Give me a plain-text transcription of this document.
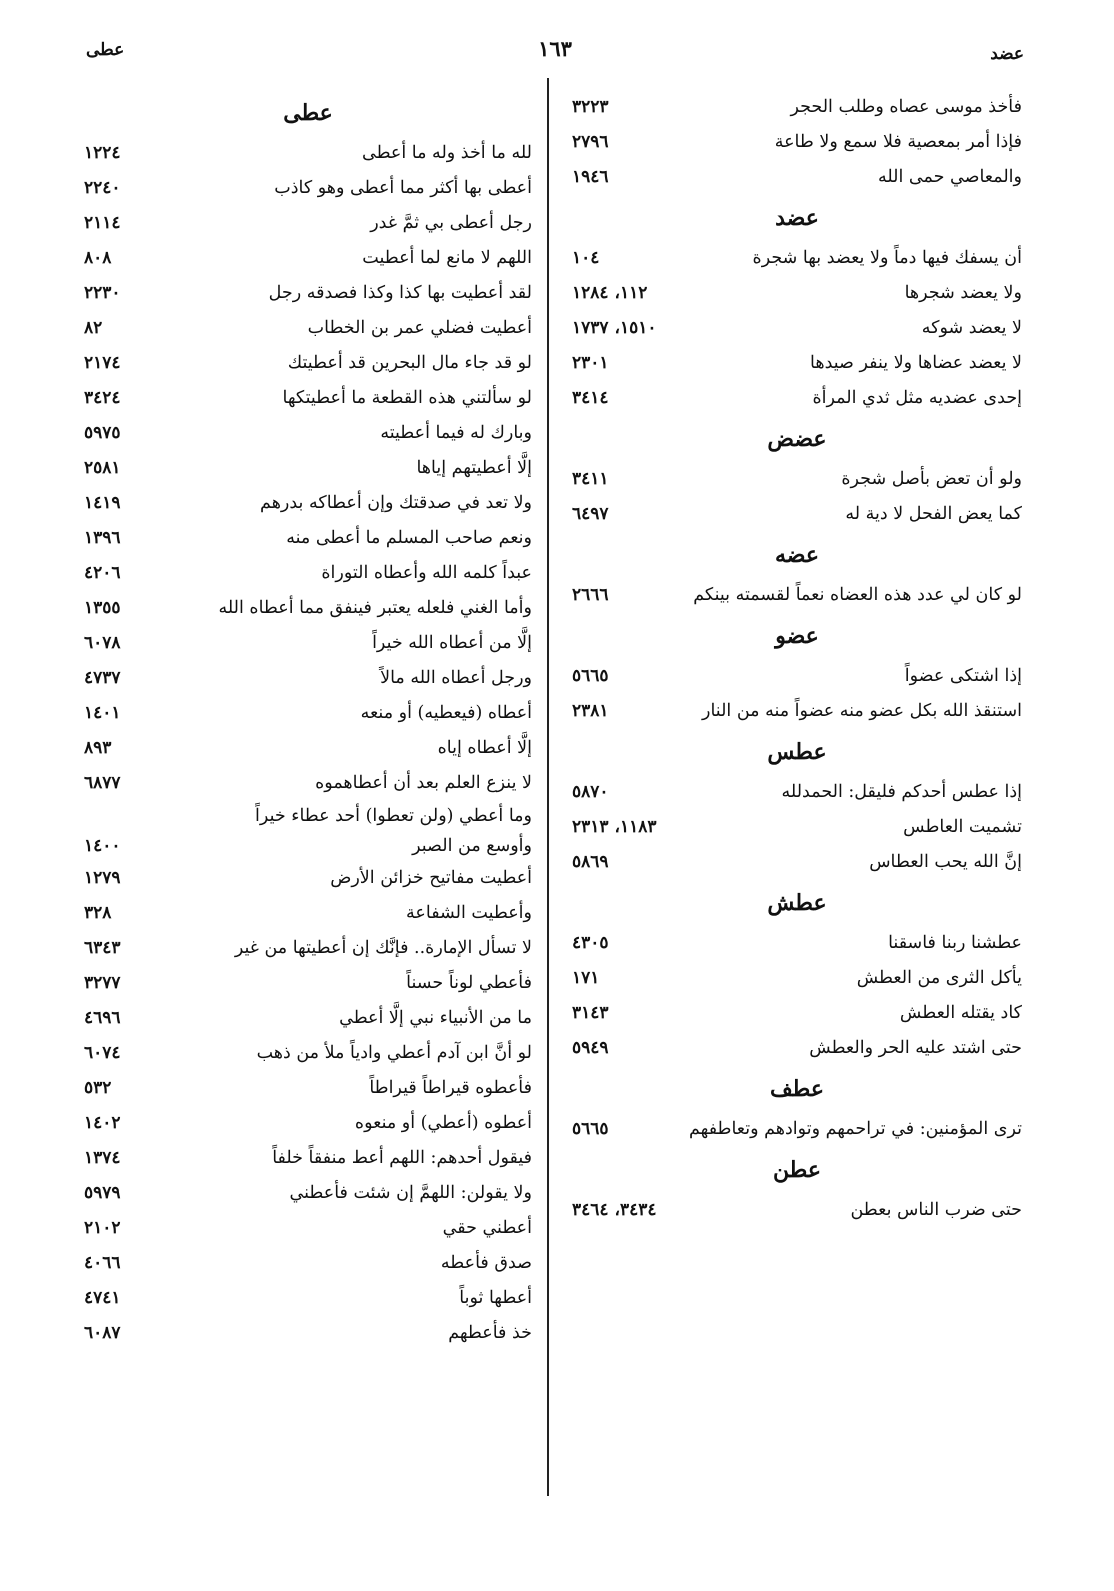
عضد
١٦٣
عطى
فأخذ موسى عصاه وطلب الحجر
٣٢٢٣
فإذا أمر بمعصية فلا سمع ولا طاعة
٢٧٩٦
والمعاصي حمى الله
١٩٤٦
عضد
أن يسفك فيها دماً ولا يعضد بها شجرة
١٠٤
ولا يعضد شجرها
١١٢، ١٢٨٤
لا يعضد شوكه
١٥١٠، ١٧٣٧
لا يعضد عضاها ولا ينفر صيدها
٢٣٠١
إحدى عضديه مثل ثدي المرأة
٣٤١٤
عضض
ولو أن تعض بأصل شجرة
٣٤١١
كما يعض الفحل لا دية له
٦٤٩٧
عضه
لو كان لي عدد هذه العضاه نعماً لقسمته بينكم
٢٦٦٦
عضو
إذا اشتكى عضواً
٥٦٦٥
استنقذ الله بكل عضو منه عضواً منه من النار
٢٣٨١
عطس
إذا عطس أحدكم فليقل: الحمدلله
٥٨٧٠
تشميت العاطس
١١٨٣، ٢٣١٣
إنَّ الله يحب العطاس
٥٨٦٩
عطش
عطشنا ربنا فاسقنا
٤٣٠٥
يأكل الثرى من العطش
١٧١
كاد يقتله العطش
٣١٤٣
حتى اشتد عليه الحر والعطش
٥٩٤٩
عطف
ترى المؤمنين: في تراحمهم وتوادهم وتعاطفهم
٥٦٦٥
عطن
حتى ضرب الناس بعطن
٣٤٣٤، ٣٤٦٤
عطى
لله ما أخذ وله ما أعطى
١٢٢٤
أعطى بها أكثر مما أعطى وهو كاذب
٢٢٤٠
رجل أعطى بي ثمَّ غدر
٢١١٤
اللهم لا مانع لما أعطيت
٨٠٨
لقد أعطيت بها كذا وكذا فصدقه رجل
٢٢٣٠
أعطيت فضلي عمر بن الخطاب
٨٢
لو قد جاء مال البحرين قد أعطيتك
٢١٧٤
لو سألتني هذه القطعة ما أعطيتكها
٣٤٢٤
وبارك له فيما أعطيته
٥٩٧٥
إلَّا أعطيتهم إياها
٢٥٨١
ولا تعد في صدقتك وإن أعطاكه بدرهم
١٤١٩
ونعم صاحب المسلم ما أعطى منه
١٣٩٦
عبداً كلمه الله وأعطاه التوراة
٤٢٠٦
وأما الغني فلعله يعتبر فينفق مما أعطاه الله
١٣٥٥
إلَّا من أعطاه الله خيراً
٦٠٧٨
ورجل أعطاه الله مالاً
٤٧٣٧
أعطاه (فيعطيه) أو منعه
١٤٠١
إلَّا أعطاه إياه
٨٩٣
لا ينزع العلم بعد أن أعطاهموه
٦٨٧٧
وما أعطي (ولن تعطوا) أحد عطاء خيراً
وأوسع من الصبر
١٤٠٠
أعطيت مفاتيح خزائن الأرض
١٢٧٩
وأعطيت الشفاعة
٣٢٨
لا تسأل الإمارة.. فإنَّك إن أعطيتها من غير
٦٣٤٣
فأعطي لوناً حسناً
٣٢٧٧
ما من الأنبياء نبي إلَّا أعطي
٤٦٩٦
لو أنَّ ابن آدم أعطي وادياً ملأ من ذهب
٦٠٧٤
فأعطوه قيراطاً قيراطاً
٥٣٢
أعطوه (أعطي) أو منعوه
١٤٠٢
فيقول أحدهم: اللهم أعط منفقاً خلفاً
١٣٧٤
ولا يقولن: اللهمَّ إن شئت فأعطني
٥٩٧٩
أعطني حقي
٢١٠٢
صدق فأعطه
٤٠٦٦
أعطها ثوباً
٤٧٤١
خذ فأعطهم
٦٠٨٧
